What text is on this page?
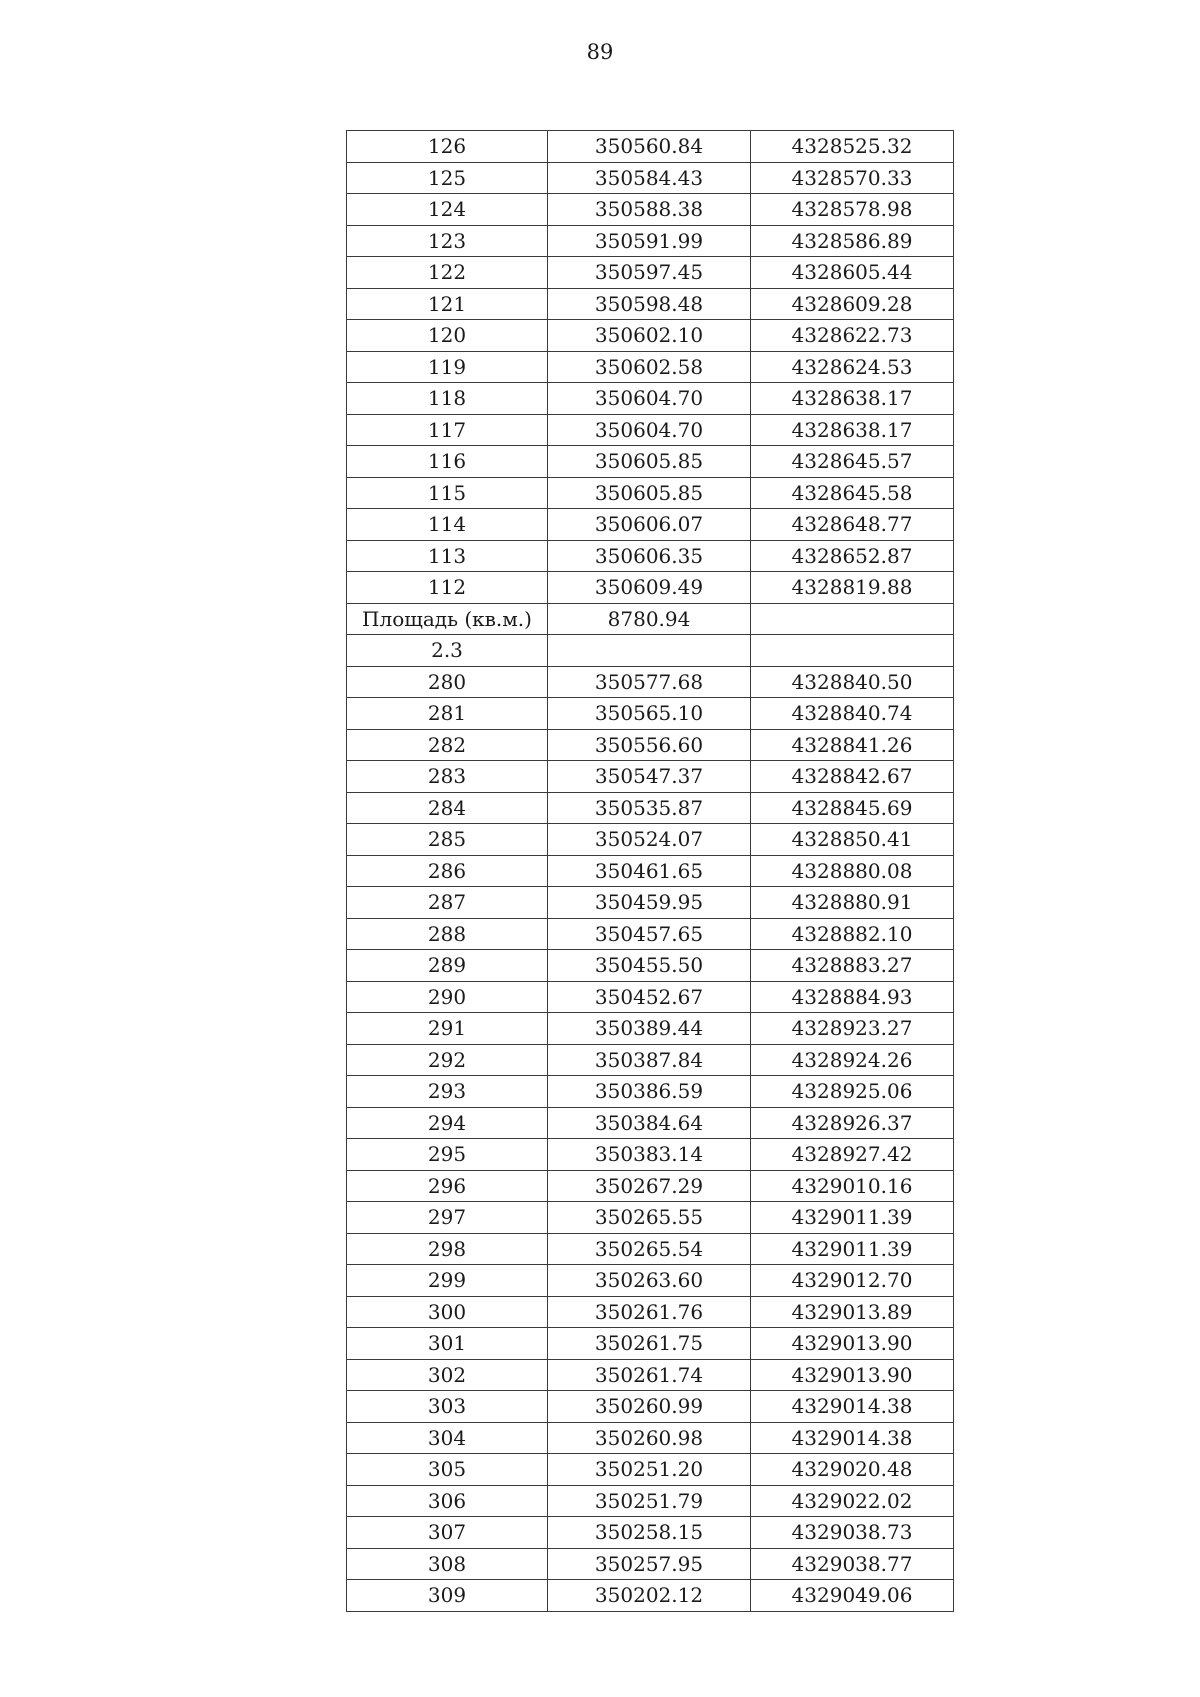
89
126	350560.84	4328525.32
125	350584.43	4328570.33
124	350588.38	4328578.98
123	350591.99	4328586.89
122	350597.45	4328605.44
121	350598.48	4328609.28
120	350602.10	4328622.73
119	350602.58	4328624.53
118	350604.70	4328638.17
117	350604.70	4328638.17
116	350605.85	4328645.57
115	350605.85	4328645.58
114	350606.07	4328648.77
113	350606.35	4328652.87
112	350609.49	4328819.88
Площадь (кв.м.)	8780.94	
2.3		
280	350577.68	4328840.50
281	350565.10	4328840.74
282	350556.60	4328841.26
283	350547.37	4328842.67
284	350535.87	4328845.69
285	350524.07	4328850.41
286	350461.65	4328880.08
287	350459.95	4328880.91
288	350457.65	4328882.10
289	350455.50	4328883.27
290	350452.67	4328884.93
291	350389.44	4328923.27
292	350387.84	4328924.26
293	350386.59	4328925.06
294	350384.64	4328926.37
295	350383.14	4328927.42
296	350267.29	4329010.16
297	350265.55	4329011.39
298	350265.54	4329011.39
299	350263.60	4329012.70
300	350261.76	4329013.89
301	350261.75	4329013.90
302	350261.74	4329013.90
303	350260.99	4329014.38
304	350260.98	4329014.38
305	350251.20	4329020.48
306	350251.79	4329022.02
307	350258.15	4329038.73
308	350257.95	4329038.77
309	350202.12	4329049.06
